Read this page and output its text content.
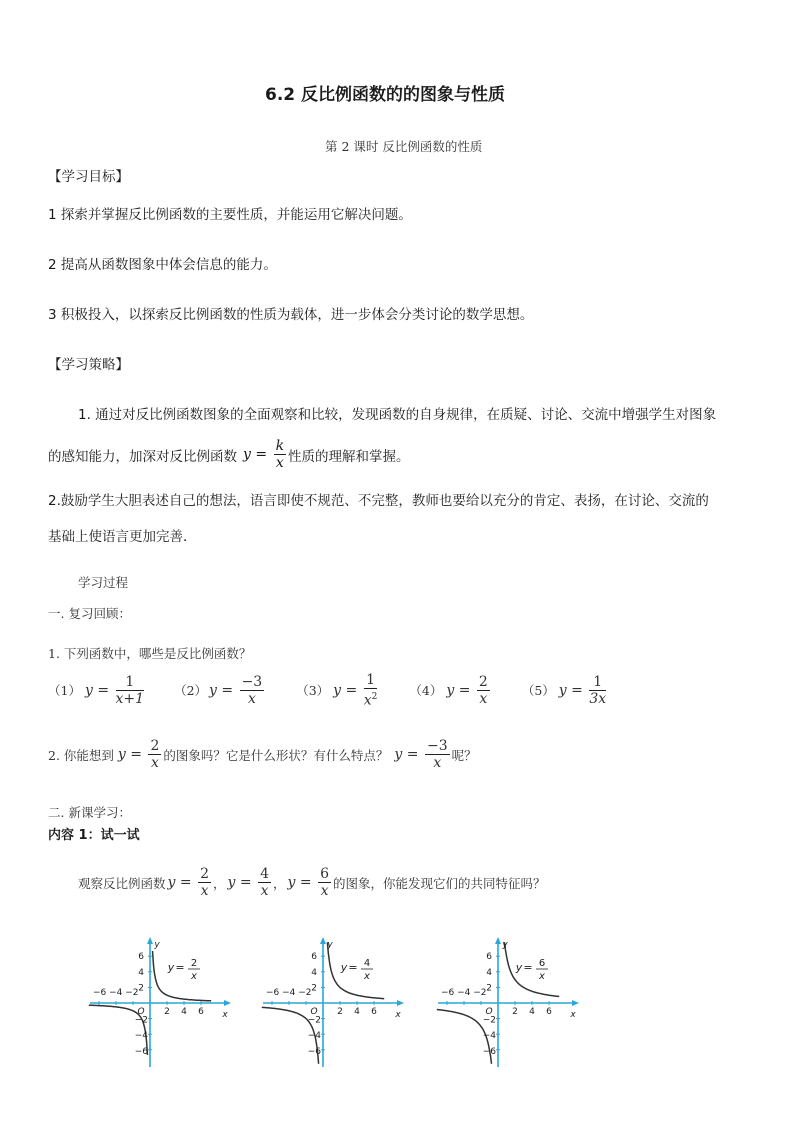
6.2 反比例函数的的图象与性质
第 2 课时 反比例函数的性质
【学习目标】
1 探索并掌握反比例函数的主要性质，并能运用它解决问题。
2 提高从函数图象中体会信息的能力。
3 积极投入，以探索反比例函数的性质为载体，进一步体会分类讨论的数学思想。
【学习策略】
1. 通过对反比例函数图象的全面观察和比较，发现函数的自身规律，在质疑、讨论、交流中增强学生对图象
的感知能力，加深对反比例函数 $y = \frac{k}{x}$ 性质的理解和掌握。
2.鼓励学生大胆表述自己的想法，语言即使不规范、不完整，教师也要给以充分的肯定、表扬，在讨论、交流的
基础上使语言更加完善．
学习过程
一. 复习回顾：
1. 下列函数中，哪些是反比例函数？
（1） $y = \frac{1}{x+1} (2) y = \frac{-3}{x}$	（3） $y = \frac{1}{x^2}$	（4） $y = \frac{2}{x}$	（5） $y = \frac{1}{3x}$
2. 你能想到 $y = \frac{2}{x}$ 的图象吗？它是什么形状？有什么特点？ $y = \frac{-3}{x}$ 呢？
二. 新课学习：
内容 1：试一试
观察反比例函数 $y = \frac{2}{x}$ ， $y = \frac{4}{x}$ ， $y = \frac{6}{x}$ 的图象，你能发现它们的共同特征吗？
−6 −4 −2
2 4 6 x
6
4
2
−2
−4
−6
y
O
y = 2
x
−6 −4 −2
2 4 6 x
6
4
2
−2
−4
−6
y
O
y = 4
x
−6 −4 −2
2 4 6 x
6
4
2
−2
−4
−6
y
O
y = 6
x
